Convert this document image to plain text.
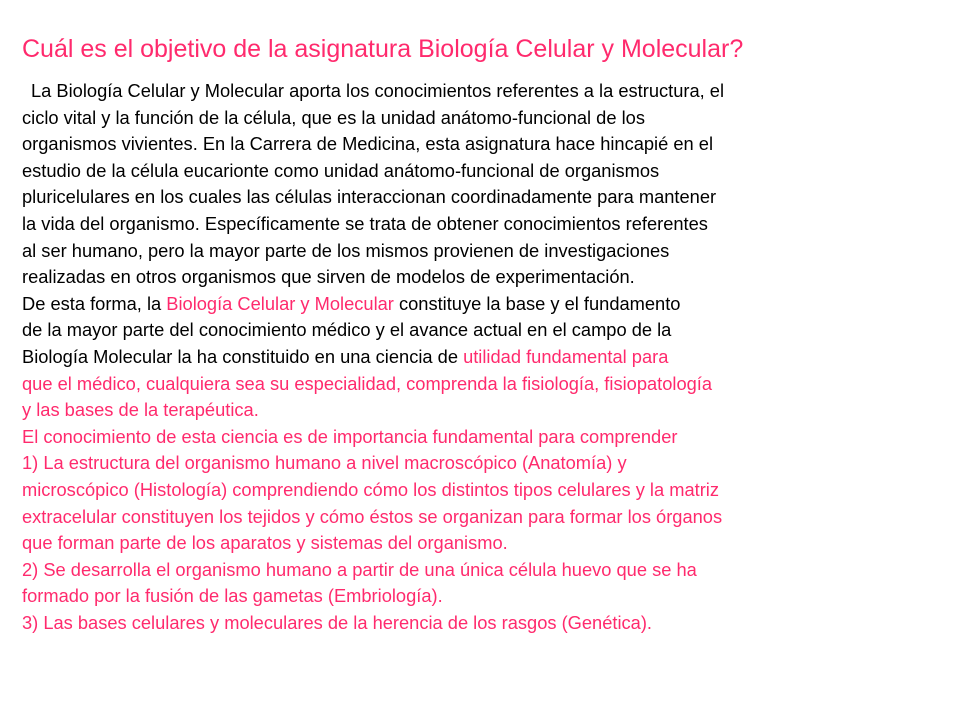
Cuál es el objetivo de la asignatura Biología Celular y Molecular?
La Biología Celular y Molecular aporta los conocimientos referentes a la estructura, el
ciclo vital y la función de la célula, que es la unidad anátomo-funcional de los
organismos vivientes. En la Carrera de Medicina, esta asignatura hace hincapié en el
estudio de la célula eucarionte como unidad anátomo-funcional de organismos
pluricelulares en los cuales las células interaccionan coordinadamente para mantener
la vida del organismo. Específicamente se trata de obtener conocimientos referentes
al ser humano, pero la mayor parte de los mismos provienen de investigaciones
realizadas en otros organismos que sirven de modelos de experimentación.
De esta forma, la Biología Celular y Molecular constituye la base y el fundamento
de la mayor parte del conocimiento médico y el avance actual en el campo de la
Biología Molecular la ha constituido en una ciencia de utilidad fundamental para
que el médico, cualquiera sea su especialidad, comprenda la fisiología, fisiopatología
y las bases de la terapéutica.
El conocimiento de esta ciencia es de importancia fundamental para comprender
1) La estructura del organismo humano a nivel macroscópico (Anatomía) y
microscópico (Histología) comprendiendo cómo los distintos tipos celulares y la matriz
extracelular constituyen los tejidos y cómo éstos se organizan para formar los órganos
que forman parte de los aparatos y sistemas del organismo.
2) Se desarrolla el organismo humano a partir de una única célula huevo que se ha
formado por la fusión de las gametas (Embriología).
3) Las bases celulares y moleculares de la herencia de los rasgos (Genética).
